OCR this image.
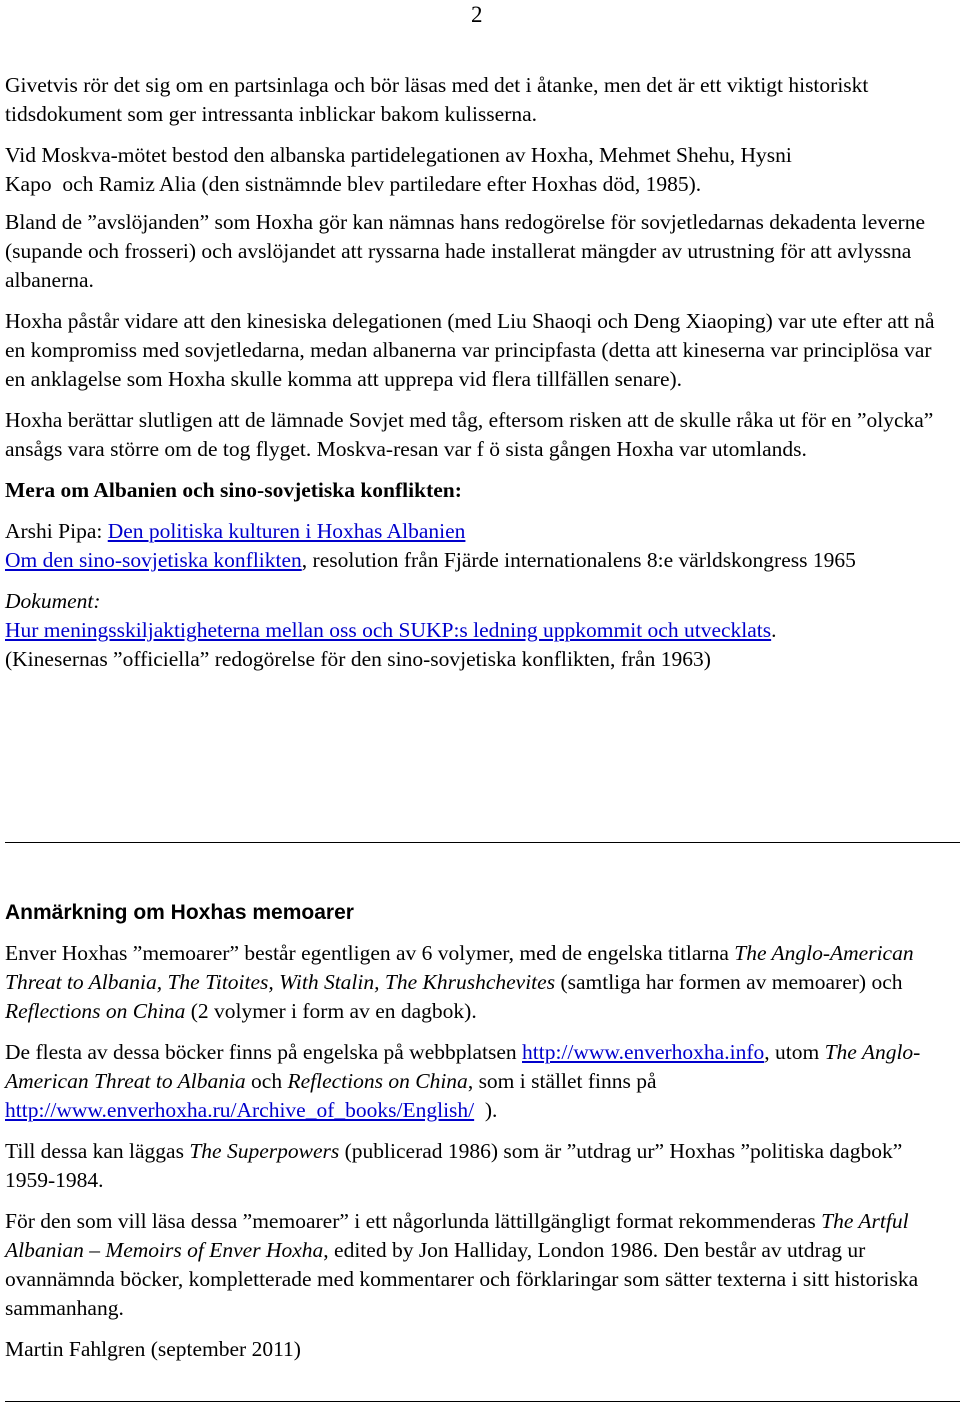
2

Givetvis rör det sig om en partsinlaga och bör läsas med det i åtanke, men det är ett viktigt historiskt tidsdokument som ger intressanta inblickar bakom kulisserna.

Vid Moskva-mötet bestod den albanska partidelegationen av Hoxha, Mehmet Shehu, Hysni
Kapo  och Ramiz Alia (den sistnämnde blev partiledare efter Hoxhas död, 1985).

Bland de ”avslöjanden” som Hoxha gör kan nämnas hans redogörelse för sovjetledarnas dekadenta leverne (supande och frosseri) och avslöjandet att ryssarna hade installerat mängder av utrustning för att avlyssna albanerna.

Hoxha påstår vidare att den kinesiska delegationen (med Liu Shaoqi och Deng Xiaoping) var ute efter att nå en kompromiss med sovjetledarna, medan albanerna var principfasta (detta att kineserna var principlösa var en anklagelse som Hoxha skulle komma att upprepa vid flera tillfällen senare).

Hoxha berättar slutligen att de lämnade Sovjet med tåg, eftersom risken att de skulle råka ut för en ”olycka” ansågs vara större om de tog flyget. Moskva-resan var f ö sista gången Hoxha var utomlands.

Mera om Albanien och sino-sovjetiska konflikten:

Arshi Pipa: Den politiska kulturen i Hoxhas Albanien
Om den sino-sovjetiska konflikten, resolution från Fjärde internationalens 8:e världskongress 1965

Dokument:
Hur meningsskiljaktigheterna mellan oss och SUKP:s ledning uppkommit och utvecklats.
(Kinesernas ”officiella” redogörelse för den sino-sovjetiska konflikten, från 1963)

Anmärkning om Hoxhas memoarer

Enver Hoxhas ”memoarer” består egentligen av 6 volymer, med de engelska titlarna The Anglo-American Threat to Albania, The Titoites, With Stalin, The Khrushchevites (samtliga har formen av memoarer) och Reflections on China (2 volymer i form av en dagbok).

De flesta av dessa böcker finns på engelska på webbplatsen http://www.enverhoxha.info, utom The Anglo-American Threat to Albania och Reflections on China, som i stället finns på http://www.enverhoxha.ru/Archive_of_books/English/  ).

Till dessa kan läggas The Superpowers (publicerad 1986) som är ”utdrag ur” Hoxhas ”politiska dagbok” 1959-1984.

För den som vill läsa dessa ”memoarer” i ett någorlunda lättillgängligt format rekommenderas The Artful Albanian – Memoirs of Enver Hoxha, edited by Jon Halliday, London 1986. Den består av utdrag ur ovannämnda böcker, kompletterade med kommentarer och förklaringar som sätter texterna i sitt historiska sammanhang.

Martin Fahlgren (september 2011)
